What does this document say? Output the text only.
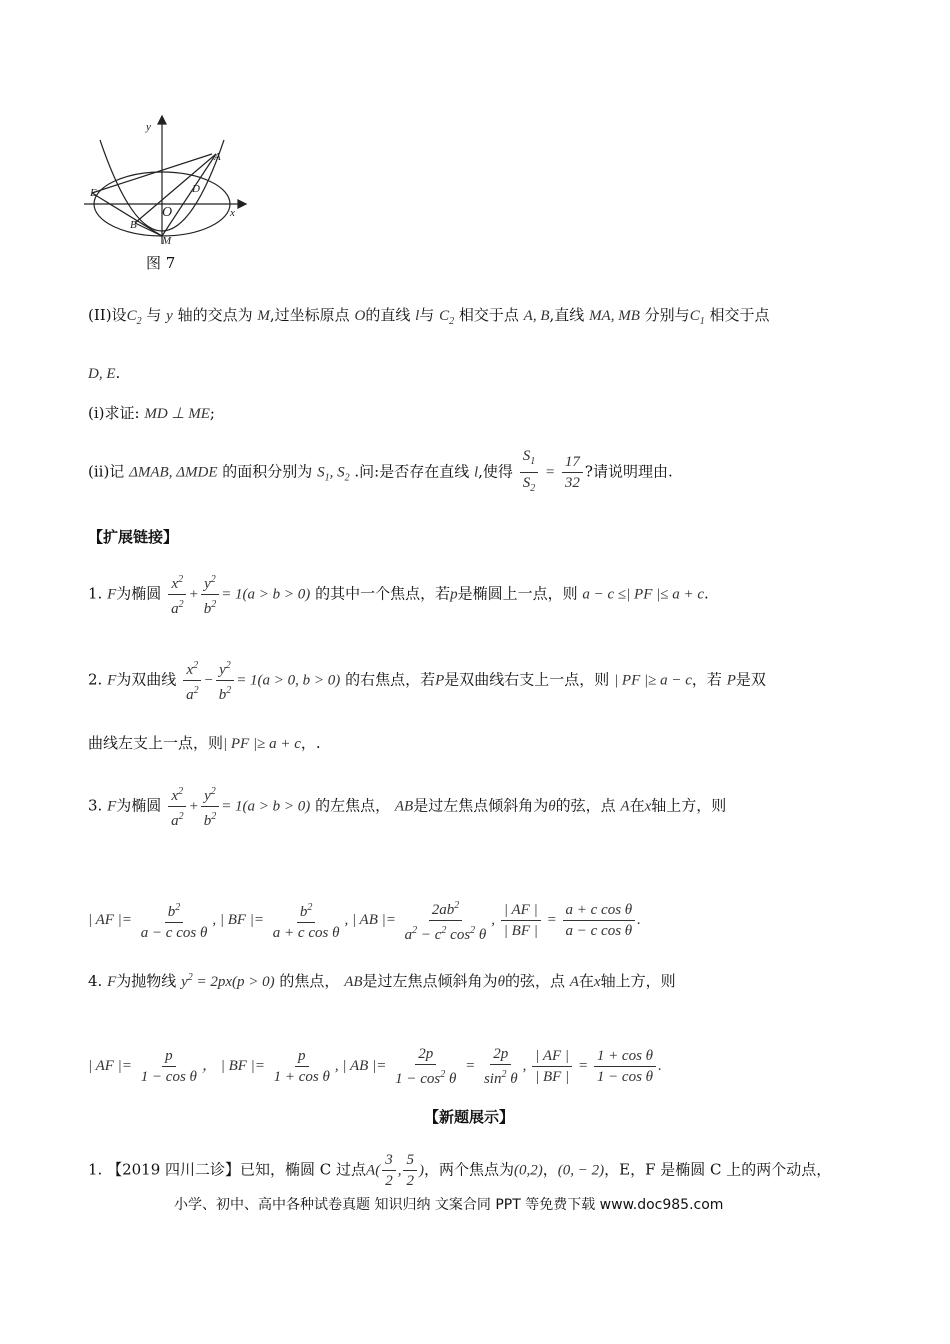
y
x
A
D
E
B
O
M
图 7
(II)设$C_2$ 与 y 轴的交点为 M,过坐标原点 O的直线 l与 $C_2$ 相交于点 A, B,直线 MA, MB 分别与$C_1$ 相交于点
D, E.
(i)求证: MD ⊥ ME;
(ii)记 ΔMAB, ΔMDE 的面积分别为 $S_1$, $S_2$ .问:是否存在直线 l,使得 $\frac{S_1}{S_2} = \frac{17}{32}$ ?请说明理由.
【扩展链接】
1. F为椭圆 $\frac{x^2}{a^2} + \frac{y^2}{b^2} = 1(a > b > 0)$ 的其中一个焦点，若p是椭圆上一点，则 a − c ≤| PF |≤ a + c.
2. F为双曲线 $\frac{x^2}{a^2} - \frac{y^2}{b^2} = 1(a > 0$, b > 0) 的右焦点，若P是双曲线右支上一点，则 | PF |≥ a − c，若 P是双
曲线左支上一点，则| PF |≥ a + c，.
3. F为椭圆 $\frac{x^2}{a^2} + \frac{y^2}{b^2} = 1(a > b > 0)$ 的左焦点， AB是过左焦点倾斜角为θ的弦，点 A在x轴上方，则
| AF |= $\frac{b^2}{\text{a − c cos θ}}$ , | BF |= $\frac{b^2}{\text{a + c cos θ}}$ , | AB |= $\frac{2ab^2}{a^2 - c^2 \cos^2 \theta}$ , $\frac{| AF |}{| BF |} = \frac{\text{a + c cos θ}}{\text{a − c cos θ}}$ .
4. F为抛物线 $y^2 = 2px(p > 0)$ 的焦点， AB是过左焦点倾斜角为θ的弦，点 A在x轴上方，则
| AF |= $\frac{p}{\text{1 − cos θ}}$ ， | BF |= $\frac{p}{\text{1 + cos θ}}$ , | AB |= $\frac{2p}{1 - \cos^2 \theta} = \frac{2p}{\sin^2 \theta}$ , $\frac{| AF |}{| BF |} = \frac{\text{1 + cos θ}}{\text{1 − cos θ}}$ .
【新题展示】
1. 【2019 四川二诊】已知，椭圆 C 过点$A( \frac{3}{2}$ , $\frac{5}{2}$ )，两个焦点为(0,2)，(0, − 2)，E，F 是椭圆 C 上的两个动点，
小学、初中、高中各种试卷真题 知识归纳 文案合同 PPT 等免费下载 www.doc985.com
